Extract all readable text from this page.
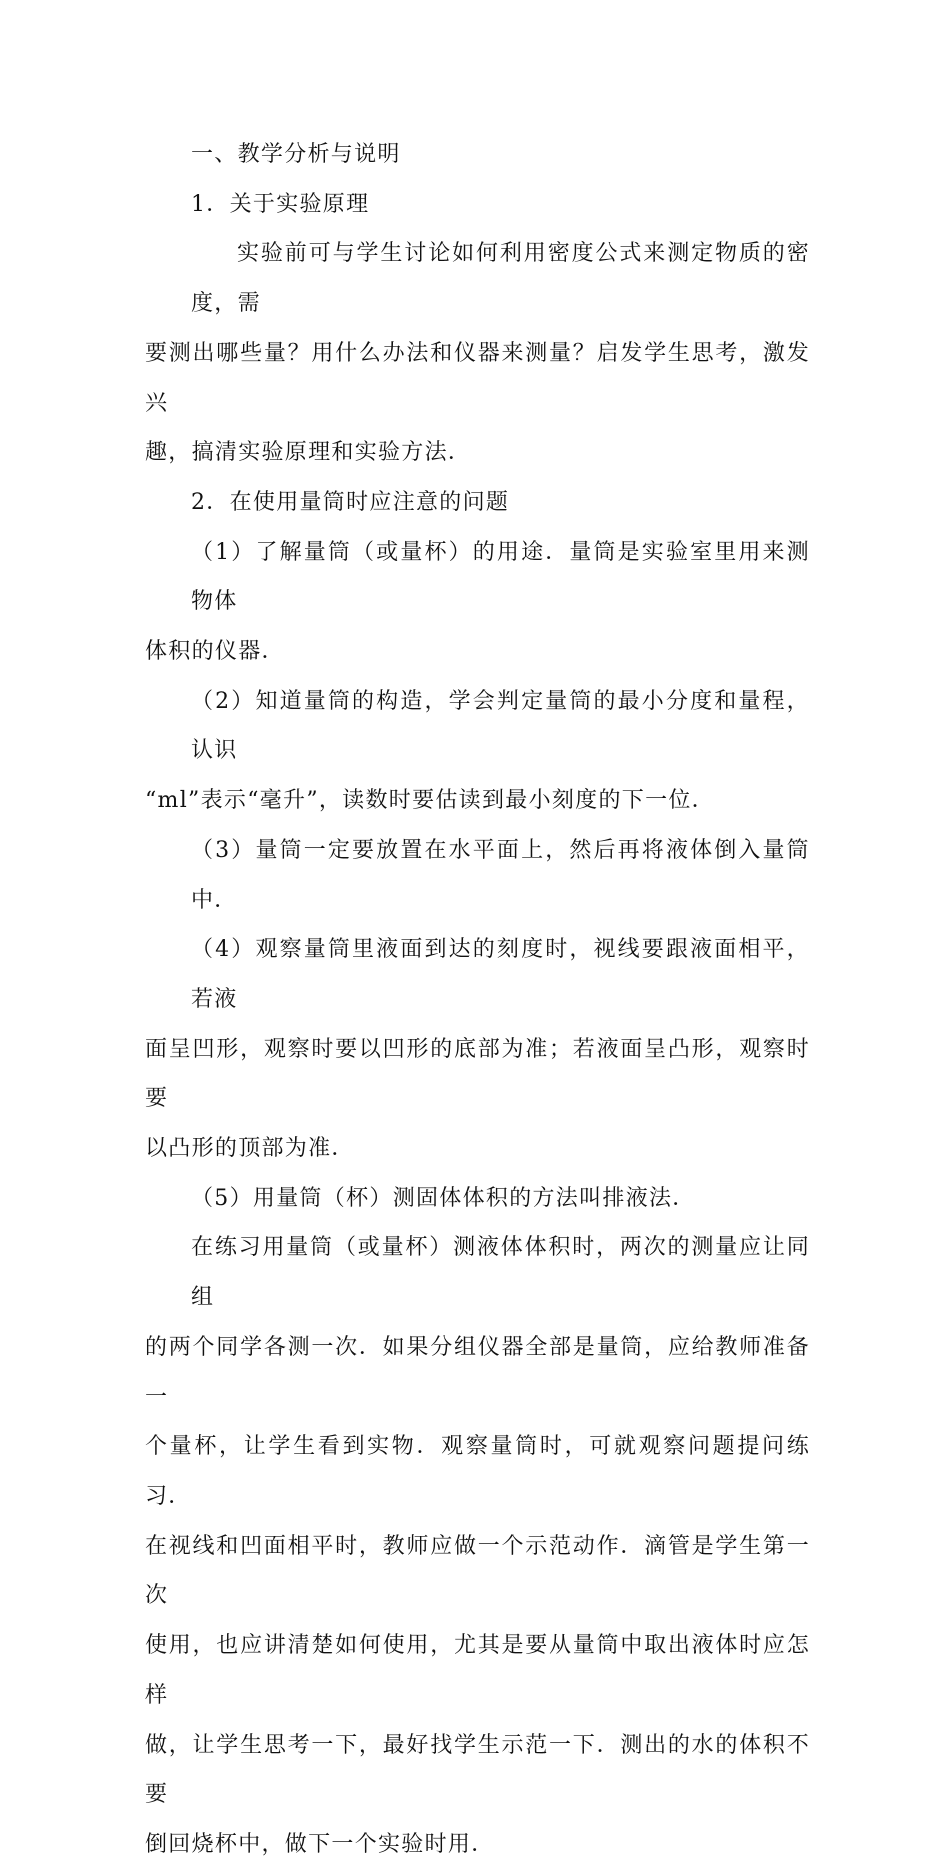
一、教学分析与说明

1．关于实验原理

实验前可与学生讨论如何利用密度公式来测定物质的密度，需
要测出哪些量？用什么办法和仪器来测量？启发学生思考，激发兴
趣，搞清实验原理和实验方法．

2．在使用量筒时应注意的问题

（1）了解量筒（或量杯）的用途．量筒是实验室里用来测物体
体积的仪器．

（2）知道量筒的构造，学会判定量筒的最小分度和量程，认识
“ml”表示“毫升”，读数时要估读到最小刻度的下一位．

（3）量筒一定要放置在水平面上，然后再将液体倒入量筒中．

（4）观察量筒里液面到达的刻度时，视线要跟液面相平，若液
面呈凹形，观察时要以凹形的底部为准；若液面呈凸形，观察时要
以凸形的顶部为准．

（5）用量筒（杯）测固体体积的方法叫排液法．

在练习用量筒（或量杯）测液体体积时，两次的测量应让同组
的两个同学各测一次．如果分组仪器全部是量筒，应给教师准备一
个量杯，让学生看到实物．观察量筒时，可就观察问题提问练习．
在视线和凹面相平时，教师应做一个示范动作．滴管是学生第一次
使用，也应讲清楚如何使用，尤其是要从量筒中取出液体时应怎样
做，让学生思考一下，最好找学生示范一下．测出的水的体积不要
倒回烧杯中，做下一个实验时用．
